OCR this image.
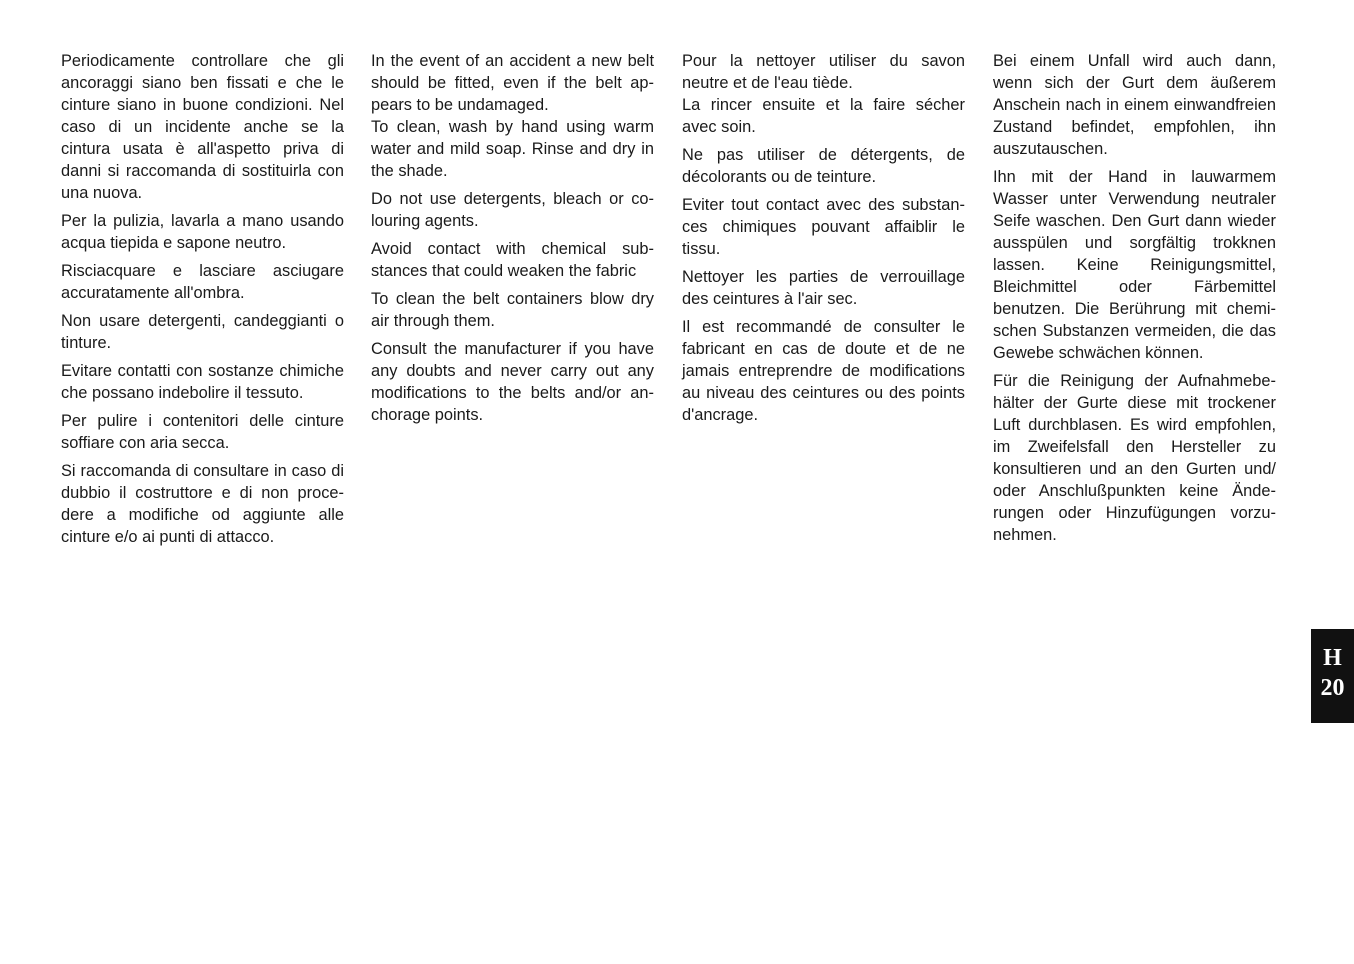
Periodicamente controllare che gli ancoraggi siano ben fissati e che le cinture siano in buone condizioni. Nel caso di un incidente anche se la cintura usata è all'aspetto priva di danni si raccomanda di sostituirla con una nuova.

Per la pulizia, lavarla a mano usando acqua tiepida e sapone neutro.

Risciacquare e lasciare asciugare accuratamente all'ombra.

Non usare detergenti, candeggianti o tinture.

Evitare contatti con sostanze chimiche che possano indebolire il tessuto.

Per pulire i contenitori delle cinture soffiare con aria secca.

Si raccomanda di consultare in caso di dubbio il costruttore e di non procedere a modifiche od aggiunte alle cinture e/o ai punti di attacco.

In the event of an accident a new belt should be fitted, even if the belt appears to be undamaged.

To clean, wash by hand using warm water and mild soap. Rinse and dry in the shade.

Do not use detergents, bleach or colouring agents.

Avoid contact with chemical substances that could weaken the fabric

To clean the belt containers blow dry air through them.

Consult the manufacturer if you have any doubts and never carry out any modifications to the belts and/or anchorage points.

Pour la nettoyer utiliser du savon neutre et de l'eau tiède.

La rincer ensuite et la faire sécher avec soin.

Ne pas utiliser de détergents, de décolorants ou de teinture.

Eviter tout contact avec des substances chimiques pouvant affaiblir le tissu.

Nettoyer les parties de verrouillage des ceintures à l'air sec.

Il est recommandé de consulter le fabricant en cas de doute et de ne jamais entreprendre de modifications au niveau des ceintures ou des points d'ancrage.

Bei einem Unfall wird auch dann, wenn sich der Gurt dem äußerem Anschein nach in einem einwandfreien Zustand befindet, empfohlen, ihn auszutauschen.

Ihn mit der Hand in lauwarmem Wasser unter Verwendung neutraler Seife waschen. Den Gurt dann wieder ausspülen und sorgfältig trokknen lassen. Keine Reinigungsmittel, Bleichmittel oder Färbemittel benutzen. Die Berührung mit chemischen Substanzen vermeiden, die das Gewebe schwächen können.

Für die Reinigung der Aufnahmebehälter der Gurte diese mit trockener Luft durchblasen. Es wird empfohlen, im Zweifelsfall den Hersteller zu konsultieren und an den Gurten und/ oder Anschlußpunkten keine Änderungen oder Hinzufügungen vorzunehmen.

H
20
